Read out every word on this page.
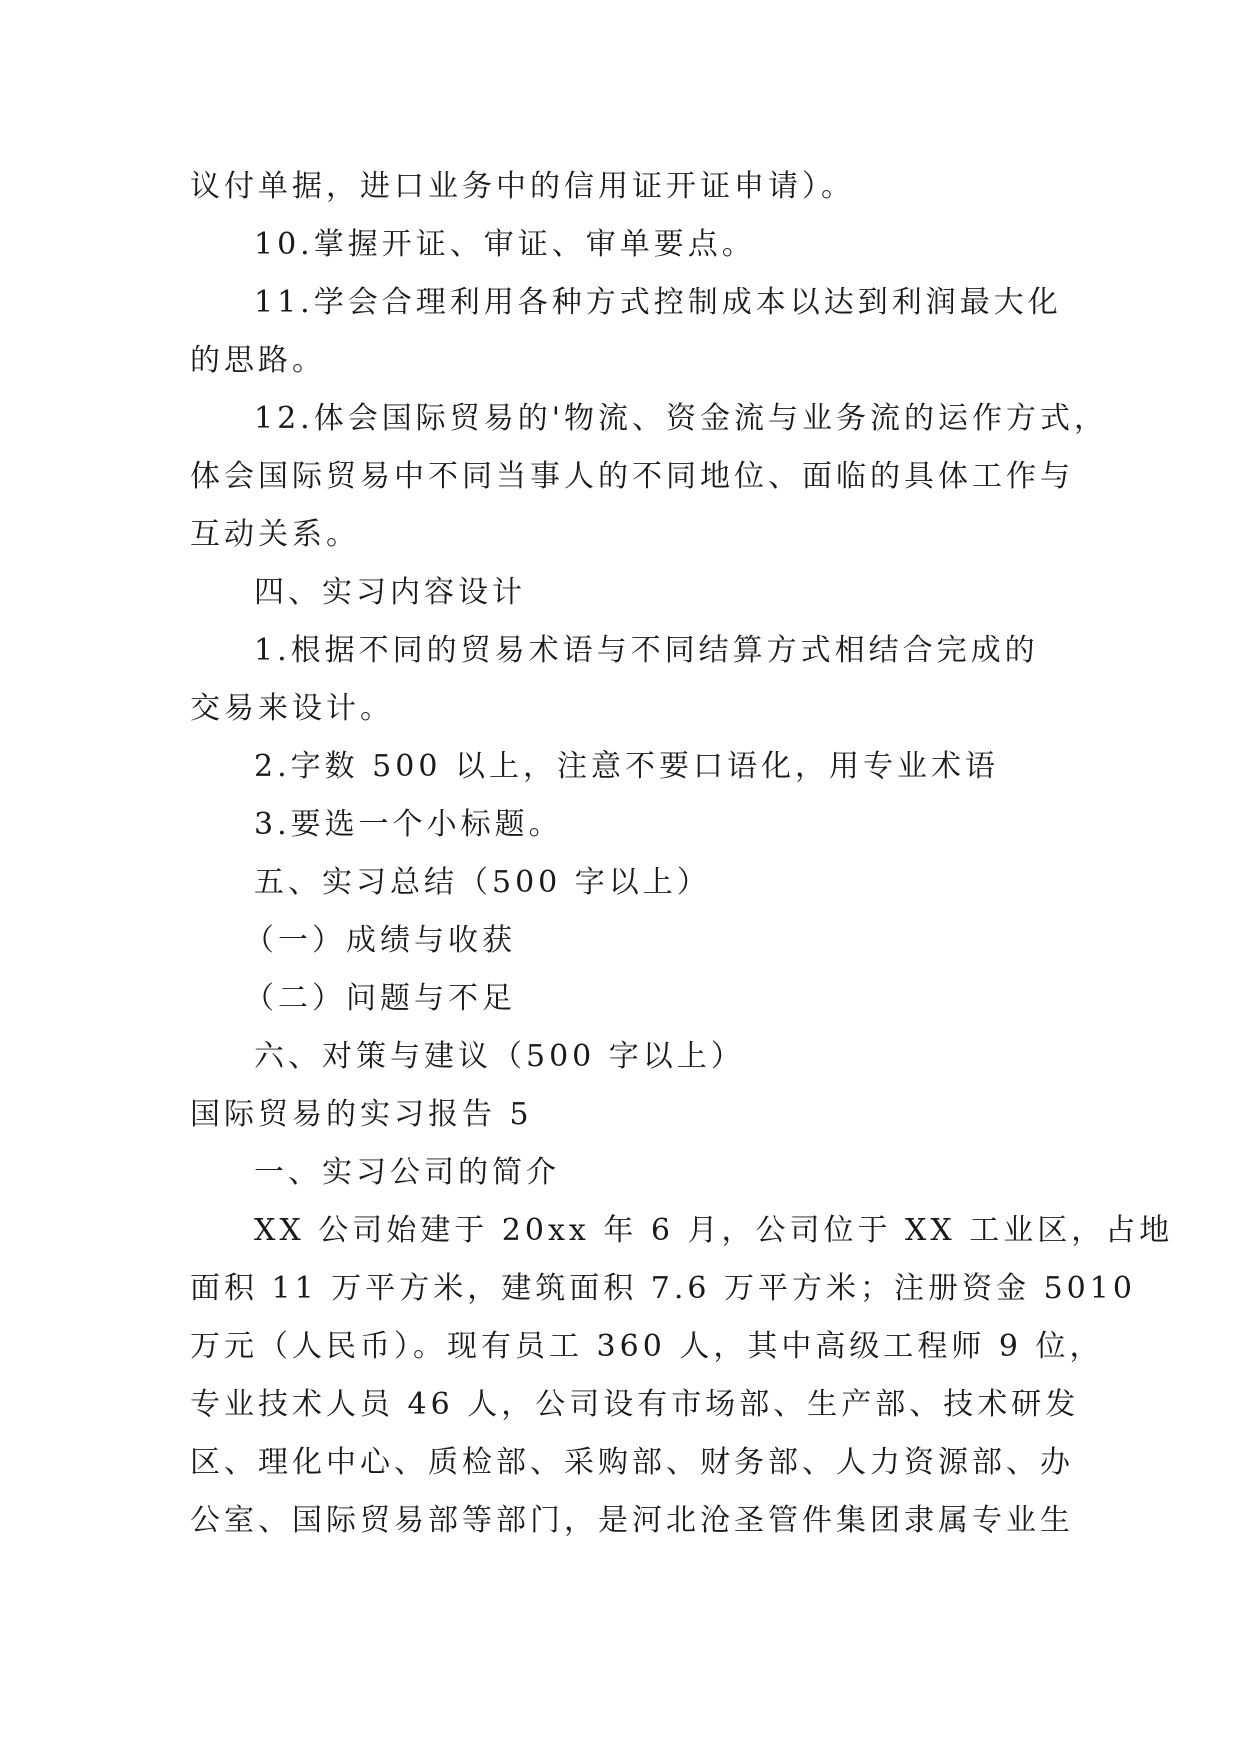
议付单据，进口业务中的信用证开证申请）。
10.掌握开证、审证、审单要点。
11.学会合理利用各种方式控制成本以达到利润最大化
的思路。
12.体会国际贸易的'物流、资金流与业务流的运作方式，
体会国际贸易中不同当事人的不同地位、面临的具体工作与
互动关系。
四、实习内容设计
1.根据不同的贸易术语与不同结算方式相结合完成的
交易来设计。
2.字数 500 以上，注意不要口语化，用专业术语
3.要选一个小标题。
五、实习总结（500 字以上）
（一）成绩与收获
（二）问题与不足
六、对策与建议（500 字以上）
国际贸易的实习报告 5
一、实习公司的简介
XX 公司始建于 20xx 年 6 月，公司位于 XX 工业区，占地
面积 11 万平方米，建筑面积 7.6 万平方米；注册资金 5010
万元（人民币）。现有员工 360 人，其中高级工程师 9 位，
专业技术人员 46 人，公司设有市场部、生产部、技术研发
区、理化中心、质检部、采购部、财务部、人力资源部、办
公室、国际贸易部等部门，是河北沧圣管件集团隶属专业生
